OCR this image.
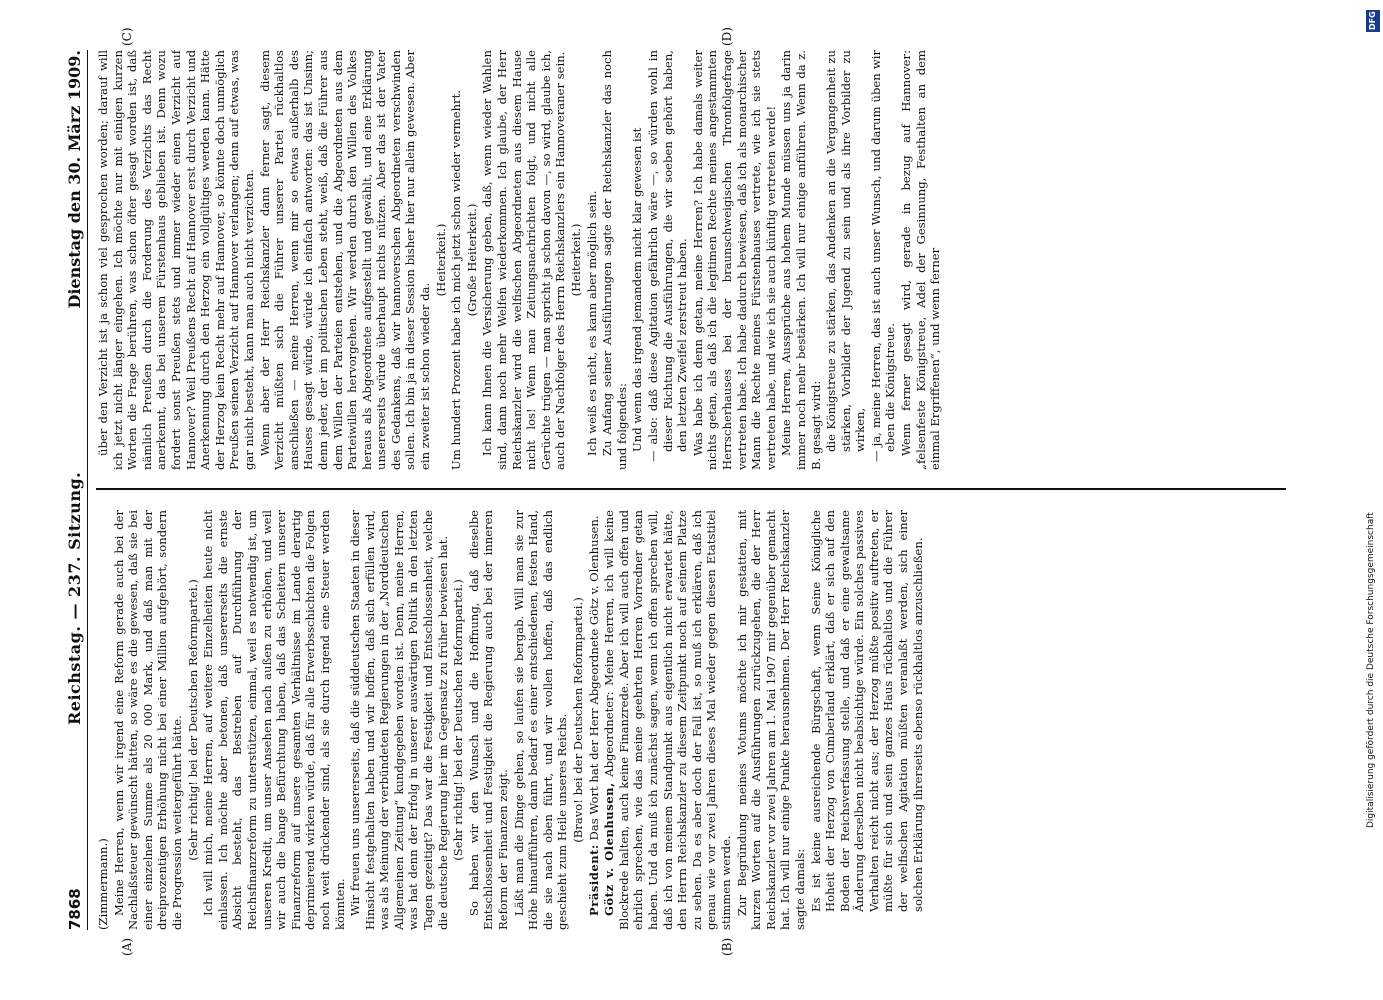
7868
Reichstag. — 237. Sitzung.
Dienstag den 30. März 1909.
(A)	(B)
(C)	(D)

(Zimmermann.) Meine Herren, wenn wir irgend eine Reform gerade auch bei der Nachlaßsteuer gewünscht hätten, so wäre es die gewesen, daß sie bei einer einzelnen Summe als 20 000 Mark, und daß man mit der dreiprozentigen Erhöhung nicht bei einer Million aufgehört, sondern die Progression weitergeführt hätte. (Sehr richtig! bei der Deutschen Reformpartei.) Ich will mich, meine Herren, auf weitere Einzelheiten heute nicht einlassen. Ich möchte aber betonen, daß unsererseits die ernste Absicht besteht, das Bestreben auf Durchführung der Reichsfinanzreform zu unterstützen, einmal, weil es notwendig ist, um unseren Kredit, um unser Ansehen nach außen zu erhöhen, und weil wir auch die bange Befürchtung haben, daß das Scheitern unserer Finanzreform auf unsere gesamten Verhältnisse im Lande derartig deprimierend wirken würde, daß für alle Erwerbsschichten die Folgen noch weit drückender sind, als sie durch irgend eine Steuer werden könnten. Wir freuen uns unsererseits, daß die süddeutschen Staaten in dieser Hinsicht festgehalten haben und wir hoffen, daß sich erfüllen wird, was als Meinung der verbündeten Regierungen in der „Norddeutschen Allgemeinen Zeitung“ kundgegeben worden ist. Denn, meine Herren, was hat denn der Erfolg in unserer auswärtigen Politik in den letzten Tagen gezeitigt? Das war die Festigkeit und Entschlossenheit, welche die deutsche Regierung hier im Gegensatz zu früher bewiesen hat. (Sehr richtig! bei der Deutschen Reformpartei.) So haben wir den Wunsch und die Hoffnung, daß dieselbe Entschlossenheit und Festigkeit die Regierung auch bei der inneren Reform der Finanzen zeigt. Läßt man die Dinge gehen, so laufen sie bergab. Will man sie zur Höhe hinaufführen, dann bedarf es einer entschiedenen, festen Hand, die sie nach oben führt, und wir wollen hoffen, daß das endlich geschieht zum Heile unseres Reichs. (Bravo! bei der Deutschen Reformpartei.)

Präsident: Das Wort hat der Herr Abgeordnete Götz v. Olenhusen.

Götz v. Olenhusen, Abgeordneter: Meine Herren, ich will keine Blockrede halten, auch keine Finanzrede. Aber ich will auch offen und ehrlich sprechen, wie das meine geehrten Herren Vorredner getan haben. Und da muß ich zunächst sagen, wenn ich offen sprechen will, daß ich von meinem Standpunkt aus eigentlich nicht erwartet hätte, den Herrn Reichskanzler zu diesem Zeitpunkt noch auf seinem Platze zu sehen. Da es aber doch der Fall ist, so muß ich erklären, daß ich genau wie vor zwei Jahren dieses Mal wieder gegen diesen Etatstitel stimmen werde. Zur Begründung meines Votums möchte ich mir gestatten, mit kurzen Worten auf die Ausführungen zurückzugehen, die der Herr Reichskanzler vor zwei Jahren am 1. Mai 1907 mir gegenüber gemacht hat. Ich will nur einige Punkte herausnehmen. Der Herr Reichskanzler sagte damals: Es ist keine ausreichende Bürgschaft, wenn Seine Königliche Hoheit der Herzog von Cumberland erklärt, daß er sich auf den Boden der Reichsverfassung stelle, und daß er eine gewaltsame Änderung derselben nicht beabsichtige würde. Ein solches passives Verhalten reicht nicht aus; der Herzog müßte positiv auftreten, er müßte für sich und sein ganzes Haus rückhaltlos und die Führer der welfischen Agitation müßten veranlaßt werden, sich einer solchen Erklärung ihrerseits ebenso rückhaltlos anzuschließen.

über den Verzicht ist ja schon viel gesprochen worden; darauf will ich jetzt nicht länger eingehen. Ich möchte nur mit einigen kurzen Worten die Frage berühren, was schon öfter gesagt worden ist, daß nämlich Preußen durch die Forderung des Verzichts das Recht anerkennt, das bei unserem Fürstenhaus geblieben ist. Denn wozu fordert sonst Preußen stets und immer wieder einen Verzicht auf Hannover? Weil Preußens Recht auf Hannover erst durch Verzicht und Anerkennung durch den Herzog ein vollgültiges werden kann. Hätte der Herzog kein Recht mehr auf Hannover, so könnte doch unmöglich Preußen seinen Verzicht auf Hannover verlangen; denn auf etwas, was gar nicht besteht, kann man auch nicht verzichten. Wenn aber der Herr Reichskanzler dann ferner sagt, diesem Verzicht müßten sich die Führer unserer Partei rückhaltlos anschließen — meine Herren, wenn mir so etwas außerhalb des Hauses gesagt würde, würde ich einfach antworten: das ist Unsinn; denn jeder, der im politischen Leben steht, weiß, daß die Führer aus dem Willen der Parteien entstehen, und die Abgeordneten aus dem Parteiwillen hervorgehen. Wir werden durch den Willen des Volkes heraus als Abgeordnete aufgestellt und gewählt, und eine Erklärung unsererseits würde überhaupt nichts nützen. Aber das ist der Vater des Gedankens, daß wir hannoverschen Abgeordneten verschwinden sollen. Ich bin ja in dieser Session bisher hier nur allein gewesen. Aber ein zweiter ist schon wieder da.

(Heiterkeit.) Um hundert Prozent habe ich mich jetzt schon wieder vermehrt. (Große Heiterkeit.) Ich kann Ihnen die Versicherung geben, daß, wenn wieder Wahlen sind, dann noch mehr Welfen wiederkommen. Ich glaube, der Herr Reichskanzler wird die welfischen Abgeordneten aus diesem Hause nicht los! Wenn man Zeitungsnachrichten folgt, und nicht alle Gerüchte trügen — man spricht ja schon davon —, so wird, glaube ich, auch der Nachfolger des Herrn Reichskanzlers ein Hannoveraner sein. (Heiterkeit.) Ich weiß es nicht, es kann aber möglich sein. Zu Anfang seiner Ausführungen sagte der Reichskanzler das noch und folgendes: Und wenn das irgend jemandem nicht klar gewesen ist — also: daß diese Agitation gefährlich wäre —, so würden wohl in dieser Richtung die Ausführungen, die wir soeben gehört haben, den letzten Zweifel zerstreut haben. Was habe ich denn getan, meine Herren? Ich habe damals weiter nichts getan, als daß ich die legitimen Rechte meines angestammten Herrscherhauses bei der braunschweigischen Thronfolgefrage vertreten habe. Ich habe dadurch bewiesen, daß ich als monarchischer Mann die Rechte meines Fürstenhauses vertrete, wie ich sie stets vertreten habe, und wie ich sie auch künftig vertreten werde! Meine Herren, Aussprüche aus hohem Munde müssen uns ja darin immer noch mehr bestärken. Ich will nur einige anführen. Wenn da z. B. gesagt wird: die Königstreue zu stärken, das Andenken an die Vergangenheit zu stärken, Vorbilder der Jugend zu sein und als ihre Vorbilder zu wirken, — ja, meine Herren, das ist auch unser Wunsch, und darum üben wir eben die Königstreue. Wenn ferner gesagt wird, gerade in bezug auf Hannover: „felsenfeste Königstreue, Adel der Gesinnung, Festhalten an dem einmal Ergriffenen“, und wenn ferner

DFG
Digitalisierung gefördert durch die Deutsche Forschungsgemeinschaft
